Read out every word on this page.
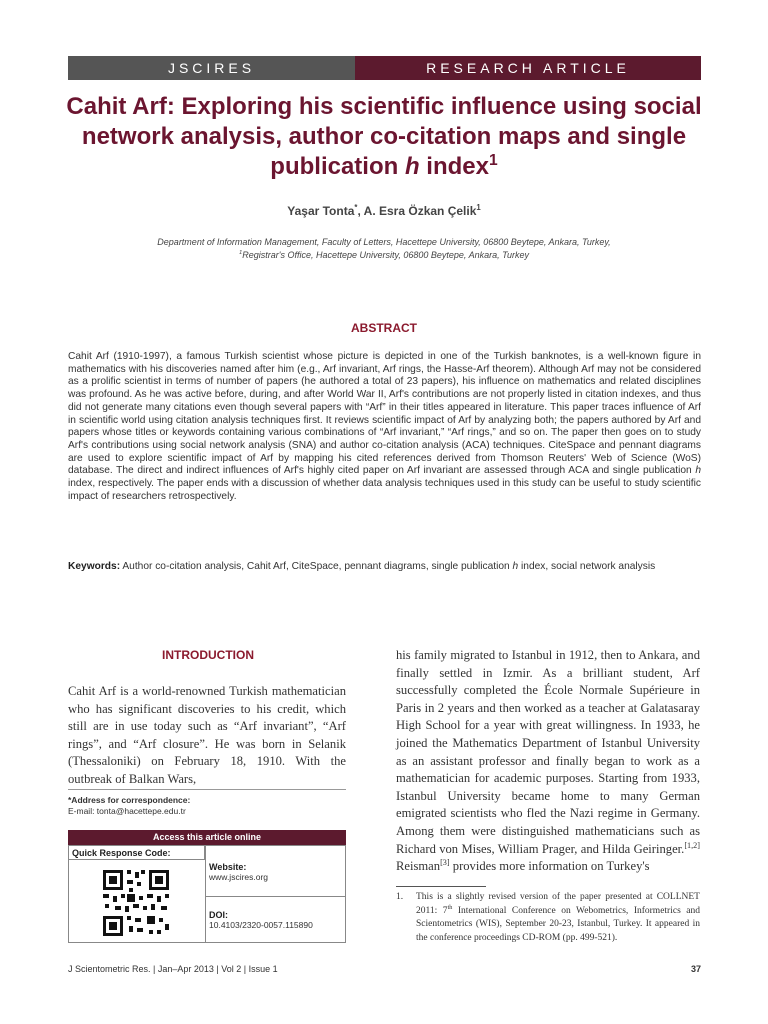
JSCIRES	RESEARCH ARTICLE
Cahit Arf: Exploring his scientific influence using social network analysis, author co-citation maps and single publication h index$^1$
Yaşar Tonta*, A. Esra Özkan Çelik$^1$
Department of Information Management, Faculty of Letters, Hacettepe University, 06800 Beytepe, Ankara, Turkey,
$^1$Registrar's Office, Hacettepe University, 06800 Beytepe, Ankara, Turkey
ABSTRACT
Cahit Arf (1910-1997), a famous Turkish scientist whose picture is depicted in one of the Turkish banknotes, is a well-known figure in mathematics with his discoveries named after him (e.g., Arf invariant, Arf rings, the Hasse-Arf theorem). Although Arf may not be considered as a prolific scientist in terms of number of papers (he authored a total of 23 papers), his influence on mathematics and related disciplines was profound. As he was active before, during, and after World War II, Arf's contributions are not properly listed in citation indexes, and thus did not generate many citations even though several papers with “Arf” in their titles appeared in literature. This paper traces influence of Arf in scientific world using citation analysis techniques first. It reviews scientific impact of Arf by analyzing both; the papers authored by Arf and papers whose titles or keywords containing various combinations of “Arf invariant,” “Arf rings,” and so on. The paper then goes on to study Arf's contributions using social network analysis (SNA) and author co-citation analysis (ACA) techniques. CiteSpace and pennant diagrams are used to explore scientific impact of Arf by mapping his cited references derived from Thomson Reuters' Web of Science (WoS) database. The direct and indirect influences of Arf's highly cited paper on Arf invariant are assessed through ACA and single publication h index, respectively. The paper ends with a discussion of whether data analysis techniques used in this study can be useful to study scientific impact of researchers retrospectively.
Keywords: Author co-citation analysis, Cahit Arf, CiteSpace, pennant diagrams, single publication h index, social network analysis
INTRODUCTION
Cahit Arf is a world-renowned Turkish mathematician who has significant discoveries to his credit, which still are in use today such as “Arf invariant”, “Arf rings”, and “Arf closure”. He was born in Selanik (Thessaloniki) on February 18, 1910. With the outbreak of Balkan Wars,
his family migrated to Istanbul in 1912, then to Ankara, and finally settled in Izmir. As a brilliant student, Arf successfully completed the École Normale Supérieure in Paris in 2 years and then worked as a teacher at Galatasaray High School for a year with great willingness. In 1933, he joined the Mathematics Department of Istanbul University as an assistant professor and finally began to work as a mathematician for academic purposes. Starting from 1933, Istanbul University became home to many German emigrated scientists who fled the Nazi regime in Germany. Among them were distinguished mathematicians such as Richard von Mises, William Prager, and Hilda Geiringer.[1,2] Reisman[3] provides more information on Turkey's
*Address for correspondence:
E-mail: tonta@hacettepe.edu.tr
Access this article online
Quick Response Code:
Website:
www.jscires.org
DOI:
10.4103/2320-0057.115890
1.	This is a slightly revised version of the paper presented at COLLNET 2011: 7th International Conference on Webometrics, Informetrics and Scientometrics (WIS), September 20-23, Istanbul, Turkey. It appeared in the conference proceedings CD-ROM (pp. 499-521).
J Scientometric Res. | Jan–Apr 2013 | Vol 2 | Issue 1	37
